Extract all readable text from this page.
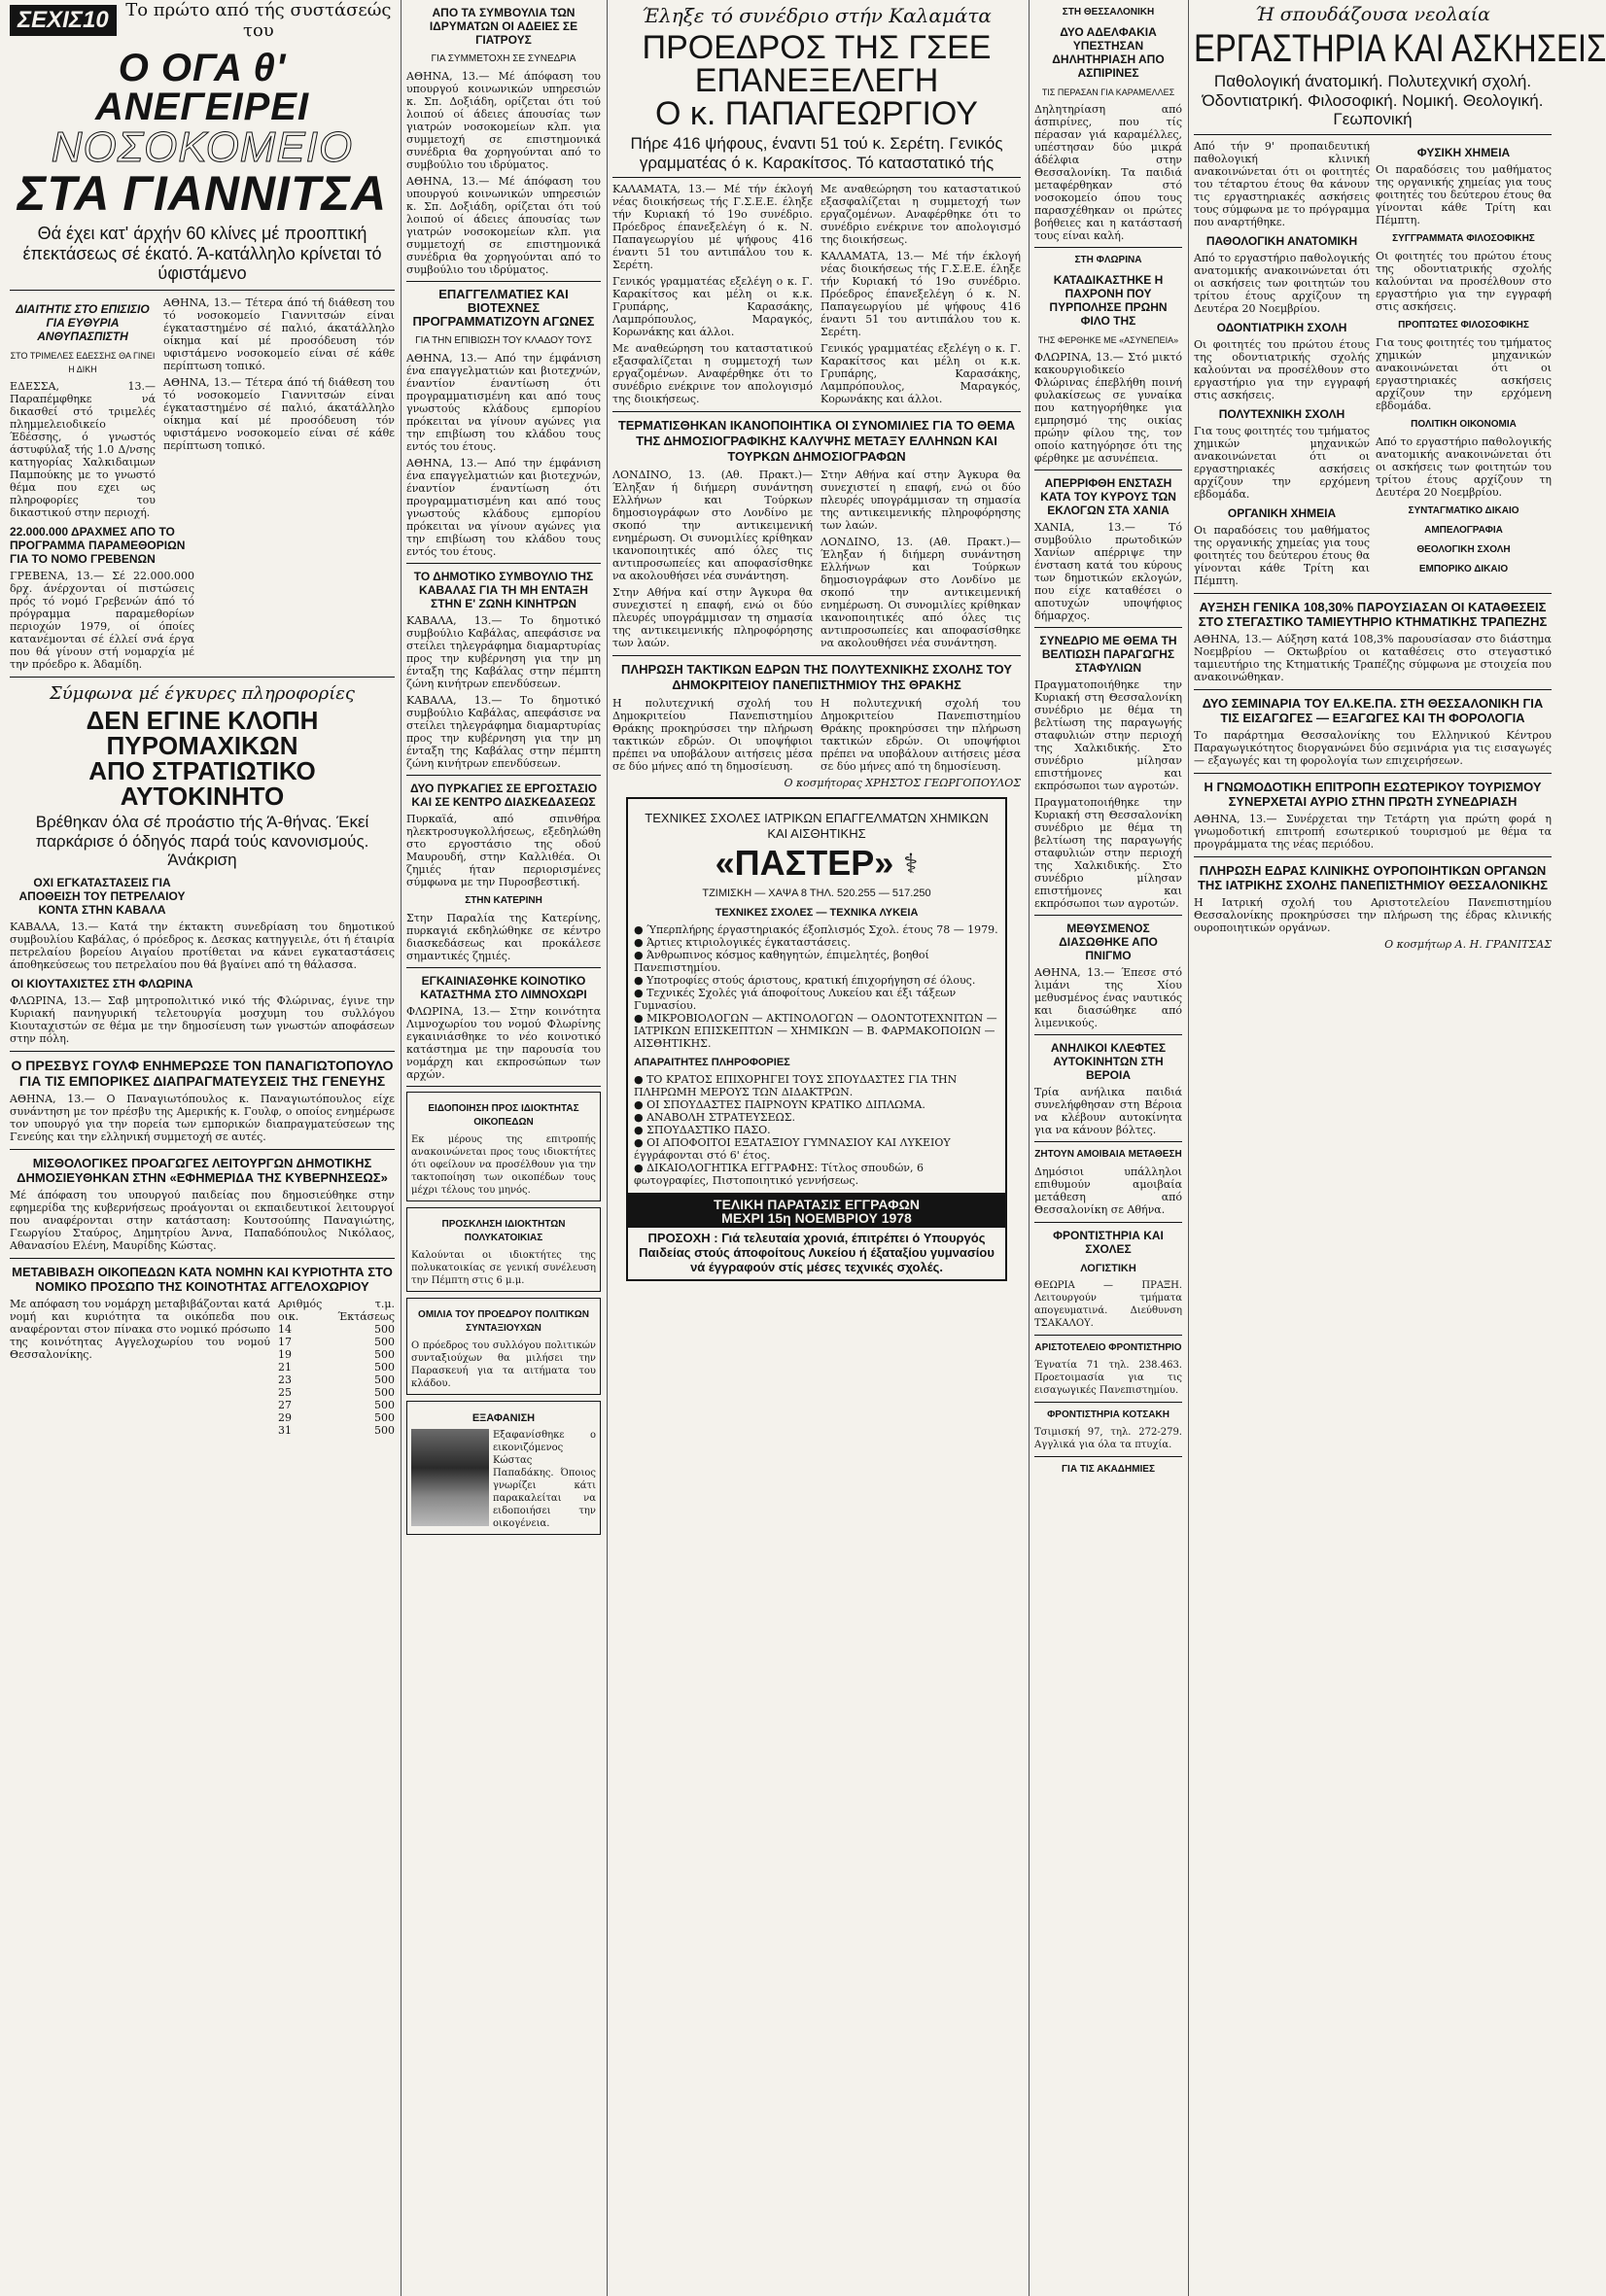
ΣΕΧΙΣ10 Το πρώτο από τής συστάσεώς του
Ο ΟΓΑ θ' ΑΝΕΓΕΙΡΕΙ
ΝΟΣΟΚΟΜΕΙΟ
ΣΤΑ ΓΙΑΝΝΙΤΣΑ
Θά έχει κατ' άρχήν 60 κλίνες μέ προοπτική έπεκτάσεως σέ έκατό. Ά-κατάλληλο κρίνεται τό ύφιστάμενο
ΔΙΑΙΤΗΤΙΣ ΣΤΟ ΕΠΙΣΙΣΙΟ ΓΙΑ ΕΥΘΥΡΙΑ ΑΝΘΥΠΑΣΠΙΣΤΗ
ΣΤΟ ΤΡΙΜΕΛΕΣ ΕΔΕΣΣΗΣ ΘΑ ΓΙΝΕΙ Η ΔΙΚΗ
ΕΔΕΣΣΑ, 13.— Παραπέμφθηκε νά δικασθεί στό τριμελές πλημμελειοδικείο Έδέσσης, ό γνωστός άστυφύλαξ τής 1.0 Δ/νσης κατηγορίας Χαλκιδαιμων Παμπούκης με το γνωστό θέμα που εχει ως πληροφορίες του δικαστικού στην περιοχή.
ΑΘΗΝΑ, 13.— Τέτερα άπό τή διάθεση του τό νοσοκομείο Γιαννιτσών είναι έγκαταστημένο σέ παλιό, άκατάλληλο οίκημα καί μέ προσόδευση τόν υφιστάμενο νοσοκομείο είναι σέ κάθε περίπτωση τοπικό.
ΑΘΗΝΑ, 13.— Τέτερα άπό τή διάθεση του τό νοσοκομείο Γιαννιτσών είναι έγκαταστημένο σέ παλιό, άκατάλληλο οίκημα καί μέ προσόδευση τόν υφιστάμενο νοσοκομείο είναι σέ κάθε περίπτωση τοπικό.
22.000.000 ΔΡΑΧΜΕΣ ΑΠΟ ΤΟ ΠΡΟΓΡΑΜΜΑ ΠΑΡΑΜΕΘΟΡΙΩΝ ΓΙΑ ΤΟ ΝΟΜΟ ΓΡΕΒΕΝΩΝ
ΓΡΕΒΕΝΑ, 13.— Σέ 22.000.000 δρχ. άνέρχονται οί πιστώσεις πρός τό νομό Γρεβενών άπό τό πρόγραμμα παραμεθορίων περιοχών 1979, οί όποίες κατανέμονται σέ έλλεί σνά έργα που θά γίνουν στή νομαρχία μέ την πρόεδρο κ. Άδαμίδη.
Σύμφωνα μέ έγκυρες πληροφορίες
ΔΕΝ ΕΓΙΝΕ ΚΛΟΠΗ ΠΥΡΟΜΑΧΙΚΩΝ
ΑΠΟ ΣΤΡΑΤΙΩΤΙΚΟ ΑΥΤΟΚΙΝΗΤΟ
Βρέθηκαν όλα σέ προάστιο τής Ά-θήνας. Έκεί παρκάρισε ό όδηγός παρά τούς κανονισμούς. Άνάκριση
ΟΧΙ ΕΓΚΑΤΑΣΤΑΣΕΙΣ ΓΙΑ ΑΠΟΘΕΙΣΗ ΤΟΥ ΠΕΤΡΕΛΑΙΟΥ ΚΟΝΤΑ ΣΤΗΝ ΚΑΒΑΛΑ
ΚΑΒΑΛΑ, 13.— Κατά την έκτακτη συνεδρίαση του δημοτικού συμβουλίου Καβάλας, ό πρόεδρος κ. Δεσκας κατηγγειλε, ότι ή έταιρία πετρελαίου βορείου Αιγαίου προτίθεται να κάνει εγκαταστάσεις άποθηκεύσεως του πετρελαίου που θά βγαίνει από τη θάλασσα.
ΟΙ ΚΙΟΥΤΑΧΙΣΤΕΣ ΣΤΗ ΦΛΩΡΙΝΑ
ΦΛΩΡΙΝΑ, 13.— Σαβ μητροπολιτικό νικό τής Φλώρινας, έγινε την Κυριακή πανηγυρική τελετουργία μοσχυμη του συλλόγου Κιουταχιστών σε θέμα με την δημοσίευση των γνωστών αποφάσεων στην πόλη.
Ο ΠΡΕΣΒΥΣ ΓΟΥΛΦ ΕΝΗΜΕΡΩΣΕ ΤΟΝ ΠΑΝΑΓΙΩΤΟΠΟΥΛΟ ΓΙΑ ΤΙΣ ΕΜΠΟΡΙΚΕΣ ΔΙΑΠΡΑΓΜΑΤΕΥΣΕΙΣ ΤΗΣ ΓΕΝΕΥΗΣ
ΑΘΗΝΑ, 13.— Ο Παναγιωτόπουλος κ. Παναγιωτόπουλος είχε συνάντηση με τον πρέσβυ της Αμερικής κ. Γουλφ, ο οποίος ενημέρωσε τον υπουργό για την πορεία των εμπορικών διαπραγματεύσεων της Γενεύης και την ελληνική συμμετοχή σε αυτές.
ΜΙΣΘΟΛΟΓΙΚΕΣ ΠΡΟΑΓΩΓΕΣ ΛΕΙΤΟΥΡΓΩΝ ΔΗΜΟΤΙΚΗΣ ΔΗΜΟΣΙΕΥΘΗΚΑΝ ΣΤΗΝ «ΕΦΗΜΕΡΙΔΑ ΤΗΣ ΚΥΒΕΡΝΗΣΕΩΣ»
Μέ άπόφαση του υπουργού παιδείας που δημοσιεύθηκε στην εφημερίδα της κυβερνήσεως προάγονται οι εκπαιδευτικοί λειτουργοί που αναφέρονται στην κατάσταση: Κουτσούπης Παναγιώτης, Γεωργίου Σταύρος, Δημητρίου Άννα, Παπαδόπουλος Νικόλαος, Αθανασίου Ελένη, Μαυρίδης Κώστας.
ΜΕΤΑΒΙΒΑΣΗ ΟΙΚΟΠΕΔΩΝ ΚΑΤΑ ΝΟΜΗΝ ΚΑΙ ΚΥΡΙΟΤΗΤΑ ΣΤΟ ΝΟΜΙΚΟ ΠΡΟΣΩΠΟ ΤΗΣ ΚΟΙΝΟΤΗΤΑΣ ΑΓΓΕΛΟΧΩΡΙΟΥ
Με απόφαση του νομάρχη μεταβιβάζονται κατά νομή και κυριότητα τα οικόπεδα που αναφέρονται στον πίνακα στο νομικό πρόσωπο της κοινότητας Αγγελοχωρίου του νομού Θεσσαλονίκης.
Αριθμός οικ.	τ.μ. Έκτάσεως
14	500
17	500
19	500
21	500
23	500
25	500
27	500
29	500
31	500
ΑΠΟ ΤΑ ΣΥΜΒΟΥΛΙΑ ΤΩΝ ΙΔΡΥΜΑΤΩΝ ΟΙ ΑΔΕΙΕΣ ΣΕ ΓΙΑΤΡΟΥΣ
ΓΙΑ ΣΥΜΜΕΤΟΧΗ ΣΕ ΣΥΝΕΔΡΙΑ
ΑΘΗΝΑ, 13.— Μέ άπόφαση του υπουργού κοινωνικών υπηρεσιών κ. Σπ. Δοξιάδη, ορίζεται ότι τού λοιπού οί άδειες άπουσίας των γιατρών νοσοκομείων κλπ. για συμμετοχή σε επιστημονικά συνέδρια θα χορηγούνται από το συμβούλιο του ιδρύματος.
ΑΘΗΝΑ, 13.— Μέ άπόφαση του υπουργού κοινωνικών υπηρεσιών κ. Σπ. Δοξιάδη, ορίζεται ότι τού λοιπού οί άδειες άπουσίας των γιατρών νοσοκομείων κλπ. για συμμετοχή σε επιστημονικά συνέδρια θα χορηγούνται από το συμβούλιο του ιδρύματος.
ΕΠΑΓΓΕΛΜΑΤΙΕΣ ΚΑΙ ΒΙΟΤΕΧΝΕΣ ΠΡΟΓΡΑΜΜΑΤΙΖΟΥΝ ΑΓΩΝΕΣ
ΓΙΑ ΤΗΝ ΕΠΙΒΙΩΣΗ ΤΟΥ ΚΛΑΔΟΥ ΤΟΥΣ
ΑΘΗΝΑ, 13.— Από την έμφάνιση ένα επαγγελματιών και βιοτεχνών, έναντίον έναντίωση ότι προγραμματισμένη και από τους γνωστούς κλάδους εμπορίου πρόκειται να γίνουν αγώνες για την επιβίωση του κλάδου τους εντός του έτους.
ΑΘΗΝΑ, 13.— Από την έμφάνιση ένα επαγγελματιών και βιοτεχνών, έναντίον έναντίωση ότι προγραμματισμένη και από τους γνωστούς κλάδους εμπορίου πρόκειται να γίνουν αγώνες για την επιβίωση του κλάδου τους εντός του έτους.
ΤΟ ΔΗΜΟΤΙΚΟ ΣΥΜΒΟΥΛΙΟ ΤΗΣ ΚΑΒΑΛΑΣ ΓΙΑ ΤΗ ΜΗ ΕΝΤΑΞΗ ΣΤΗΝ Ε' ΖΩΝΗ ΚΙΝΗΤΡΩΝ
ΚΑΒΑΛΑ, 13.— Το δημοτικό συμβούλιο Καβάλας, απεφάσισε να στείλει τηλεγράφημα διαμαρτυρίας προς την κυβέρνηση για την μη ένταξη της Καβάλας στην πέμπτη ζώνη κινήτρων επενδύσεων.
ΚΑΒΑΛΑ, 13.— Το δημοτικό συμβούλιο Καβάλας, απεφάσισε να στείλει τηλεγράφημα διαμαρτυρίας προς την κυβέρνηση για την μη ένταξη της Καβάλας στην πέμπτη ζώνη κινήτρων επενδύσεων.
ΔΥΟ ΠΥΡΚΑΓΙΕΣ ΣΕ ΕΡΓΟΣΤΑΣΙΟ ΚΑΙ ΣΕ ΚΕΝΤΡΟ ΔΙΑΣΚΕΔΑΣΕΩΣ
Πυρκαϊά, από σπινθήρα ηλεκτροσυγκολλήσεως, εξεδηλώθη στο εργοστάσιο της οδού Μαυρουδή, στην Καλλιθέα. Οι ζημιές ήταν περιορισμένες σύμφωνα με την Πυροσβεστική.
ΣΤΗΝ ΚΑΤΕΡΙΝΗ
Στην Παραλία της Κατερίνης, πυρκαγιά εκδηλώθηκε σε κέντρο διασκεδάσεως και προκάλεσε σημαντικές ζημιές.
ΕΓΚΑΙΝΙΑΣΘΗΚΕ ΚΟΙΝΟΤΙΚΟ ΚΑΤΑΣΤΗΜΑ ΣΤΟ ΛΙΜΝΟΧΩΡΙ
ΦΛΩΡΙΝΑ, 13.— Στην κοινότητα Λιμνοχωρίου του νομού Φλωρίνης εγκαινιάσθηκε το νέο κοινοτικό κατάστημα με την παρουσία του νομάρχη και εκπροσώπων των αρχών.
ΕΙΔΟΠΟΙΗΣΗ ΠΡΟΣ ΙΔΙΟΚΤΗΤΑΣ ΟΙΚΟΠΕΔΩΝ
Εκ μέρους της επιτροπής ανακοινώνεται προς τους ιδιοκτήτες ότι οφείλουν να προσέλθουν για την τακτοποίηση των οικοπέδων τους μέχρι τέλους του μηνός.
ΠΡΟΣΚΛΗΣΗ ΙΔΙΟΚΤΗΤΩΝ ΠΟΛΥΚΑΤΟΙΚΙΑΣ
Καλούνται οι ιδιοκτήτες της πολυκατοικίας σε γενική συνέλευση την Πέμπτη στις 6 μ.μ.
ΟΜΙΛΙΑ ΤΟΥ ΠΡΟΕΔΡΟΥ ΠΟΛΙΤΙΚΩΝ ΣΥΝΤΑΞΙΟΥΧΩΝ
Ο πρόεδρος του συλλόγου πολιτικών συνταξιούχων θα μιλήσει την Παρασκευή για τα αιτήματα του κλάδου.
ΕΞΑΦΑΝΙΣΗ
Εξαφανίσθηκε ο εικονιζόμενος Κώστας Παπαδάκης. Όποιος γνωρίζει κάτι παρακαλείται να ειδοποιήσει την οικογένεια.
Έληξε τό συνέδριο στήν Καλαμάτα
ΠΡΟΕΔΡΟΣ ΤΗΣ ΓΣΕΕ
ΕΠΑΝΕΞΕΛΕΓΗ
Ο κ. ΠΑΠΑΓΕΩΡΓΙΟΥ
Πήρε 416 ψήφους, έναντι 51 τού κ. Σερέτη. Γενικός γραμματέας ό κ. Καρακίτσος. Τό καταστατικό τής
ΚΑΛΑΜΑΤΑ, 13.— Μέ τήν έκλογή νέας διοικήσεως τής Γ.Σ.Ε.Ε. έληξε τήν Κυριακή τό 19ο συνέδριο. Πρόεδρος έπανεξελέγη ό κ. Ν. Παπαγεωργίου μέ ψήφους 416 έναντι 51 του αντιπάλου του κ. Σερέτη.
Γενικός γραμματέας εξελέγη ο κ. Γ. Καρακίτσος και μέλη οι κ.κ. Γρυπάρης, Καρασάκης, Λαμπρόπουλος, Μαραγκός, Κορωνάκης και άλλοι.
Με αναθεώρηση του καταστατικού εξασφαλίζεται η συμμετοχή των εργαζομένων. Αναφέρθηκε ότι το συνέδριο ενέκρινε τον απολογισμό της διοικήσεως.
Με αναθεώρηση του καταστατικού εξασφαλίζεται η συμμετοχή των εργαζομένων. Αναφέρθηκε ότι το συνέδριο ενέκρινε τον απολογισμό της διοικήσεως.
ΚΑΛΑΜΑΤΑ, 13.— Μέ τήν έκλογή νέας διοικήσεως τής Γ.Σ.Ε.Ε. έληξε τήν Κυριακή τό 19ο συνέδριο. Πρόεδρος έπανεξελέγη ό κ. Ν. Παπαγεωργίου μέ ψήφους 416 έναντι 51 του αντιπάλου του κ. Σερέτη.
Γενικός γραμματέας εξελέγη ο κ. Γ. Καρακίτσος και μέλη οι κ.κ. Γρυπάρης, Καρασάκης, Λαμπρόπουλος, Μαραγκός, Κορωνάκης και άλλοι.
ΤΕΡΜΑΤΙΣΘΗΚΑΝ ΙΚΑΝΟΠΟΙΗΤΙΚΑ ΟΙ ΣΥΝΟΜΙΛΙΕΣ ΓΙΑ ΤΟ ΘΕΜΑ ΤΗΣ ΔΗΜΟΣΙΟΓΡΑΦΙΚΗΣ ΚΑΛΥΨΗΣ ΜΕΤΑΞΥ ΕΛΛΗΝΩΝ ΚΑΙ ΤΟΥΡΚΩΝ ΔΗΜΟΣΙΟΓΡΑΦΩΝ
ΛΟΝΔΙΝΟ, 13. (Αθ. Πρακτ.)— Έληξαν ή διήμερη συνάντηση Ελλήνων και Τούρκων δημοσιογράφων στο Λονδίνο με σκοπό την αντικειμενική ενημέρωση. Οι συνομιλίες κρίθηκαν ικανοποιητικές από όλες τις αντιπροσωπείες και αποφασίσθηκε να ακολουθήσει νέα συνάντηση.
Στην Αθήνα καί στην Άγκυρα θα συνεχιστεί η επαφή, ενώ οι δύο πλευρές υπογράμμισαν τη σημασία της αντικειμενικής πληροφόρησης των λαών.
Στην Αθήνα καί στην Άγκυρα θα συνεχιστεί η επαφή, ενώ οι δύο πλευρές υπογράμμισαν τη σημασία της αντικειμενικής πληροφόρησης των λαών.
ΛΟΝΔΙΝΟ, 13. (Αθ. Πρακτ.)— Έληξαν ή διήμερη συνάντηση Ελλήνων και Τούρκων δημοσιογράφων στο Λονδίνο με σκοπό την αντικειμενική ενημέρωση. Οι συνομιλίες κρίθηκαν ικανοποιητικές από όλες τις αντιπροσωπείες και αποφασίσθηκε να ακολουθήσει νέα συνάντηση.
ΠΛΗΡΩΣΗ ΤΑΚΤΙΚΩΝ ΕΔΡΩΝ ΤΗΣ ΠΟΛΥΤΕΧΝΙΚΗΣ ΣΧΟΛΗΣ ΤΟΥ ΔΗΜΟΚΡΙΤΕΙΟΥ ΠΑΝΕΠΙΣΤΗΜΙΟΥ ΤΗΣ ΘΡΑΚΗΣ
Η πολυτεχνική σχολή του Δημοκριτείου Πανεπιστημίου Θράκης προκηρύσσει την πλήρωση τακτικών εδρών. Οι υποψήφιοι πρέπει να υποβάλουν αιτήσεις μέσα σε δύο μήνες από τη δημοσίευση.
Η πολυτεχνική σχολή του Δημοκριτείου Πανεπιστημίου Θράκης προκηρύσσει την πλήρωση τακτικών εδρών. Οι υποψήφιοι πρέπει να υποβάλουν αιτήσεις μέσα σε δύο μήνες από τη δημοσίευση.
Ο κοσμήτορας ΧΡΗΣΤΟΣ ΓΕΩΡΓΟΠΟΥΛΟΣ
ΤΕΧΝΙΚΕΣ ΣΧΟΛΕΣ ΙΑΤΡΙΚΩΝ ΕΠΑΓΓΕΛΜΑΤΩΝ ΧΗΜΙΚΩΝ ΚΑΙ ΑΙΣΘΗΤΙΚΗΣ
«ΠΑΣΤΕΡ» ⚕
ΤΖΙΜΙΣΚΗ — ΧΑΨΑ 8 ΤΗΛ. 520.255 — 517.250
ΤΕΧΝΙΚΕΣ ΣΧΟΛΕΣ — ΤΕΧΝΙΚΑ ΛΥΚΕΙΑ
● Ύπερπλήρης έργαστηριακός έξοπλισμός Σχολ. έτους 78 — 1979.
● Άρτιες κτιριολογικές έγκαταστάσεις.
● Άνθρωπινος κόσμος καθηγητών, έπιμελητές, βοηθοί Πανεπιστημίου.
● Υποτροφίες στούς άριστους, κρατική έπιχορήγηση σέ όλους.
● Τεχνικές Σχολές γιά άποφοίτους Λυκείου και έξι τάξεων Γυμνασίου.
● ΜΙΚΡΟΒΙΟΛΟΓΩΝ — ΑΚΤΙΝΟΛΟΓΩΝ — ΟΔΟΝΤΟΤΕΧΝΙΤΩΝ — ΙΑΤΡΙΚΩΝ ΕΠΙΣΚΕΠΤΩΝ — ΧΗΜΙΚΩΝ — Β. ΦΑΡΜΑΚΟΠΟΙΩΝ — ΑΙΣΘΗΤΙΚΗΣ.
ΑΠΑΡΑΙΤΗΤΕΣ ΠΛΗΡΟΦΟΡΙΕΣ
● ΤΟ ΚΡΑΤΟΣ ΕΠΙΧΟΡΗΓΕΙ ΤΟΥΣ ΣΠΟΥΔΑΣΤΕΣ ΓΙΑ ΤΗΝ ΠΛΗΡΩΜΗ ΜΕΡΟΥΣ ΤΩΝ ΔΙΔΑΚΤΡΩΝ.
● ΟΙ ΣΠΟΥΔΑΣΤΕΣ ΠΑΙΡΝΟΥΝ ΚΡΑΤΙΚΟ ΔΙΠΛΩΜΑ.
● ΑΝΑΒΟΛΗ ΣΤΡΑΤΕΥΣΕΩΣ.
● ΣΠΟΥΔΑΣΤΙΚΟ ΠΑΣΟ.
● ΟΙ ΑΠΟΦΟΙΤΟΙ ΕΞΑΤΑΞΙΟΥ ΓΥΜΝΑΣΙΟΥ ΚΑΙ ΛΥΚΕΙΟΥ έγγράφονται στό 6' έτος.
● ΔΙΚΑΙΟΛΟΓΗΤΙΚΑ ΕΓΓΡΑΦΗΣ: Τίτλος σπουδών, 6 φωτογραφίες, Πιστοποιητικό γεννήσεως.
ΤΕΛΙΚΗ ΠΑΡΑΤΑΣΙΣ ΕΓΓΡΑΦΩΝ
ΜΕΧΡΙ 15η ΝΟΕΜΒΡΙΟΥ 1978
ΠΡΟΣΟΧΗ : Γιά τελευταία χρονιά, έπιτρέπει ό Υπουργός Παιδείας στούς άποφοίτους Λυκείου ή έξαταξίου γυμνασίου νά έγγραφούν στίς μέσες τεχνικές σχολές.
ΣΤΗ ΘΕΣΣΑΛΟΝΙΚΗ
ΔΥΟ ΑΔΕΛΦΑΚΙΑ ΥΠΕΣΤΗΣΑΝ ΔΗΛΗΤΗΡΙΑΣΗ ΑΠΟ ΑΣΠΙΡΙΝΕΣ
ΤΙΣ ΠΕΡΑΣΑΝ ΓΙΑ ΚΑΡΑΜΕΛΛΕΣ
Δηλητηρίαση από άσπιρίνες, που τίς πέρασαν γιά καραμέλλες, υπέστησαν δύο μικρά άδέλφια στην Θεσσαλονίκη. Τα παιδιά μεταφέρθηκαν στό νοσοκομείο όπου τους παρασχέθηκαν οι πρώτες βοήθειες και η κατάστασή τους είναι καλή.
ΣΤΗ ΦΛΩΡΙΝΑ
ΚΑΤΑΔΙΚΑΣΤΗΚΕ Η ΠΑΧΡΟΝΗ ΠΟΥ ΠΥΡΠΟΛΗΣΕ ΠΡΩΗΝ ΦΙΛΟ ΤΗΣ
ΤΗΣ ΦΕΡΘΗΚΕ ΜΕ «ΑΣΥΝΕΠΕΙΑ»
ΦΛΩΡΙΝΑ, 13.— Στό μικτό κακουργιοδικείο Φλώρινας έπεβλήθη ποινή φυλακίσεως σε γυναίκα που κατηγορήθηκε για εμπρησμό της οικίας πρώην φίλου της, τον οποίο κατηγόρησε ότι της φέρθηκε με ασυνέπεια.
ΑΠΕΡΡΙΦΘΗ ΕΝΣΤΑΣΗ ΚΑΤΑ ΤΟΥ ΚΥΡΟΥΣ ΤΩΝ ΕΚΛΟΓΩΝ ΣΤΑ ΧΑΝΙΑ
ΧΑΝΙΑ, 13.— Τό συμβούλιο πρωτοδικών Χανίων απέρριψε την ένσταση κατά του κύρους των δημοτικών εκλογών, που είχε καταθέσει ο αποτυχών υποψήφιος δήμαρχος.
ΣΥΝΕΔΡΙΟ ΜΕ ΘΕΜΑ ΤΗ ΒΕΛΤΙΩΣΗ ΠΑΡΑΓΩΓΗΣ ΣΤΑΦΥΛΙΩΝ
Πραγματοποιήθηκε την Κυριακή στη Θεσσαλονίκη συνέδριο με θέμα τη βελτίωση της παραγωγής σταφυλιών στην περιοχή της Χαλκιδικής. Στο συνέδριο μίλησαν επιστήμονες και εκπρόσωποι των αγροτών.
Πραγματοποιήθηκε την Κυριακή στη Θεσσαλονίκη συνέδριο με θέμα τη βελτίωση της παραγωγής σταφυλιών στην περιοχή της Χαλκιδικής. Στο συνέδριο μίλησαν επιστήμονες και εκπρόσωποι των αγροτών.
ΜΕΘΥΣΜΕΝΟΣ ΔΙΑΣΩΘΗΚΕ ΑΠΟ ΠΝΙΓΜΟ
ΑΘΗΝΑ, 13.— Έπεσε στό λιμάνι της Χίου μεθυσμένος ένας ναυτικός και διασώθηκε από λιμενικούς.
ΑΝΗΛΙΚΟΙ ΚΛΕΦΤΕΣ ΑΥΤΟΚΙΝΗΤΩΝ ΣΤΗ ΒΕΡΟΙΑ
Τρία ανήλικα παιδιά συνελήφθησαν στη Βέροια να κλέβουν αυτοκίνητα για να κάνουν βόλτες.
ΖΗΤΟΥΝ ΑΜΟΙΒΑΙΑ ΜΕΤΑΘΕΣΗ
Δημόσιοι υπάλληλοι επιθυμούν αμοιβαία μετάθεση από Θεσσαλονίκη σε Αθήνα.
ΦΡΟΝΤΙΣΤΗΡΙΑ ΚΑΙ ΣΧΟΛΕΣ
ΛΟΓΙΣΤΙΚΗ
ΘΕΩΡΙΑ — ΠΡΑΞΗ. Λειτουργούν τμήματα απογευματινά. Διεύθυνση ΤΣΑΚΑΛΟΥ.
ΑΡΙΣΤΟΤΕΛΕΙΟ ΦΡΟΝΤΙΣΤΗΡΙΟ
Έγνατία 71 τηλ. 238.463. Προετοιμασία για τις εισαγωγικές Πανεπιστημίου.
ΦΡΟΝΤΙΣΤΗΡΙΑ ΚΟΤΣΑΚΗ
Τσιμισκή 97, τηλ. 272-279. Αγγλικά για όλα τα πτυχία.
ΓΙΑ ΤΙΣ ΑΚΑΔΗΜΙΕΣ
Ή σπουδάζουσα νεολαία
ΕΡΓΑΣΤΗΡΙΑ ΚΑΙ ΑΣΚΗΣΕΙΣ
Παθολογική άνατομική. Πολυτεχνική σχολή. Όδοντιατρική. Φιλοσοφική. Νομική. Θεολογική. Γεωπονική
Από τήν 9' προπαιδευτική παθολογική κλινική ανακοινώνεται ότι οι φοιτητές του τέταρτου έτους θα κάνουν τις εργαστηριακές ασκήσεις τους σύμφωνα με το πρόγραμμα που αναρτήθηκε.
ΠΑΘΟΛΟΓΙΚΗ ΑΝΑΤΟΜΙΚΗ
Από το εργαστήριο παθολογικής ανατομικής ανακοινώνεται ότι οι ασκήσεις των φοιτητών του τρίτου έτους αρχίζουν τη Δευτέρα 20 Νοεμβρίου.
ΟΔΟΝΤΙΑΤΡΙΚΗ ΣΧΟΛΗ
Οι φοιτητές του πρώτου έτους της οδοντιατρικής σχολής καλούνται να προσέλθουν στο εργαστήριο για την εγγραφή στις ασκήσεις.
ΠΟΛΥΤΕΧΝΙΚΗ ΣΧΟΛΗ
Για τους φοιτητές του τμήματος χημικών μηχανικών ανακοινώνεται ότι οι εργαστηριακές ασκήσεις αρχίζουν την ερχόμενη εβδομάδα.
ΟΡΓΑΝΙΚΗ ΧΗΜΕΙΑ
Οι παραδόσεις του μαθήματος της οργανικής χημείας για τους φοιτητές του δεύτερου έτους θα γίνονται κάθε Τρίτη και Πέμπτη.
ΦΥΣΙΚΗ ΧΗΜΕΙΑ
Οι παραδόσεις του μαθήματος της οργανικής χημείας για τους φοιτητές του δεύτερου έτους θα γίνονται κάθε Τρίτη και Πέμπτη.
ΣΥΓΓΡΑΜΜΑΤΑ ΦΙΛΟΣΟΦΙΚΗΣ
Οι φοιτητές του πρώτου έτους της οδοντιατρικής σχολής καλούνται να προσέλθουν στο εργαστήριο για την εγγραφή στις ασκήσεις.
ΠΡΟΠΤΩΤΕΣ ΦΙΛΟΣΟΦΙΚΗΣ
Για τους φοιτητές του τμήματος χημικών μηχανικών ανακοινώνεται ότι οι εργαστηριακές ασκήσεις αρχίζουν την ερχόμενη εβδομάδα.
ΠΟΛΙΤΙΚΗ ΟΙΚΟΝΟΜΙΑ
Από το εργαστήριο παθολογικής ανατομικής ανακοινώνεται ότι οι ασκήσεις των φοιτητών του τρίτου έτους αρχίζουν τη Δευτέρα 20 Νοεμβρίου.
ΣΥΝΤΑΓΜΑΤΙΚΟ ΔΙΚΑΙΟ
ΑΜΠΕΛΟΓΡΑΦΙΑ
ΘΕΟΛΟΓΙΚΗ ΣΧΟΛΗ
ΕΜΠΟΡΙΚΟ ΔΙΚΑΙΟ
ΑΥΞΗΣΗ ΓΕΝΙΚΑ 108,30% ΠΑΡΟΥΣΙΑΣΑΝ ΟΙ ΚΑΤΑΘΕΣΕΙΣ ΣΤΟ ΣΤΕΓΑΣΤΙΚΟ ΤΑΜΙΕΥΤΗΡΙΟ ΚΤΗΜΑΤΙΚΗΣ ΤΡΑΠΕΖΗΣ
ΑΘΗΝΑ, 13.— Αύξηση κατά 108,3% παρουσίασαν στο διάστημα Νοεμβρίου — Οκτωβρίου οι καταθέσεις στο στεγαστικό ταμιευτήριο της Κτηματικής Τραπέζης σύμφωνα με στοιχεία που ανακοινώθηκαν.
ΔΥΟ ΣΕΜΙΝΑΡΙΑ ΤΟΥ ΕΛ.ΚΕ.ΠΑ. ΣΤΗ ΘΕΣΣΑΛΟΝΙΚΗ ΓΙΑ ΤΙΣ ΕΙΣΑΓΩΓΕΣ — ΕΞΑΓΩΓΕΣ ΚΑΙ ΤΗ ΦΟΡΟΛΟΓΙΑ
Το παράρτημα Θεσσαλονίκης του Ελληνικού Κέντρου Παραγωγικότητος διοργανώνει δύο σεμινάρια για τις εισαγωγές — εξαγωγές και τη φορολογία των επιχειρήσεων.
Η ΓΝΩΜΟΔΟΤΙΚΗ ΕΠΙΤΡΟΠΗ ΕΣΩΤΕΡΙΚΟΥ ΤΟΥΡΙΣΜΟΥ ΣΥΝΕΡΧΕΤΑΙ ΑΥΡΙΟ ΣΤΗΝ ΠΡΩΤΗ ΣΥΝΕΔΡΙΑΣΗ
ΑΘΗΝΑ, 13.— Συνέρχεται την Τετάρτη για πρώτη φορά η γνωμοδοτική επιτροπή εσωτερικού τουρισμού με θέμα τα προγράμματα της νέας περιόδου.
ΠΛΗΡΩΣΗ ΕΔΡΑΣ ΚΛΙΝΙΚΗΣ ΟΥΡΟΠΟΙΗΤΙΚΩΝ ΟΡΓΑΝΩΝ ΤΗΣ ΙΑΤΡΙΚΗΣ ΣΧΟΛΗΣ ΠΑΝΕΠΙΣΤΗΜΙΟΥ ΘΕΣΣΑΛΟΝΙΚΗΣ
Η Ιατρική σχολή του Αριστοτελείου Πανεπιστημίου Θεσσαλονίκης προκηρύσσει την πλήρωση της έδρας κλινικής ουροποιητικών οργάνων.
Ο κοσμήτωρ Α. Η. ΓΡΑΝΙΤΣΑΣ
